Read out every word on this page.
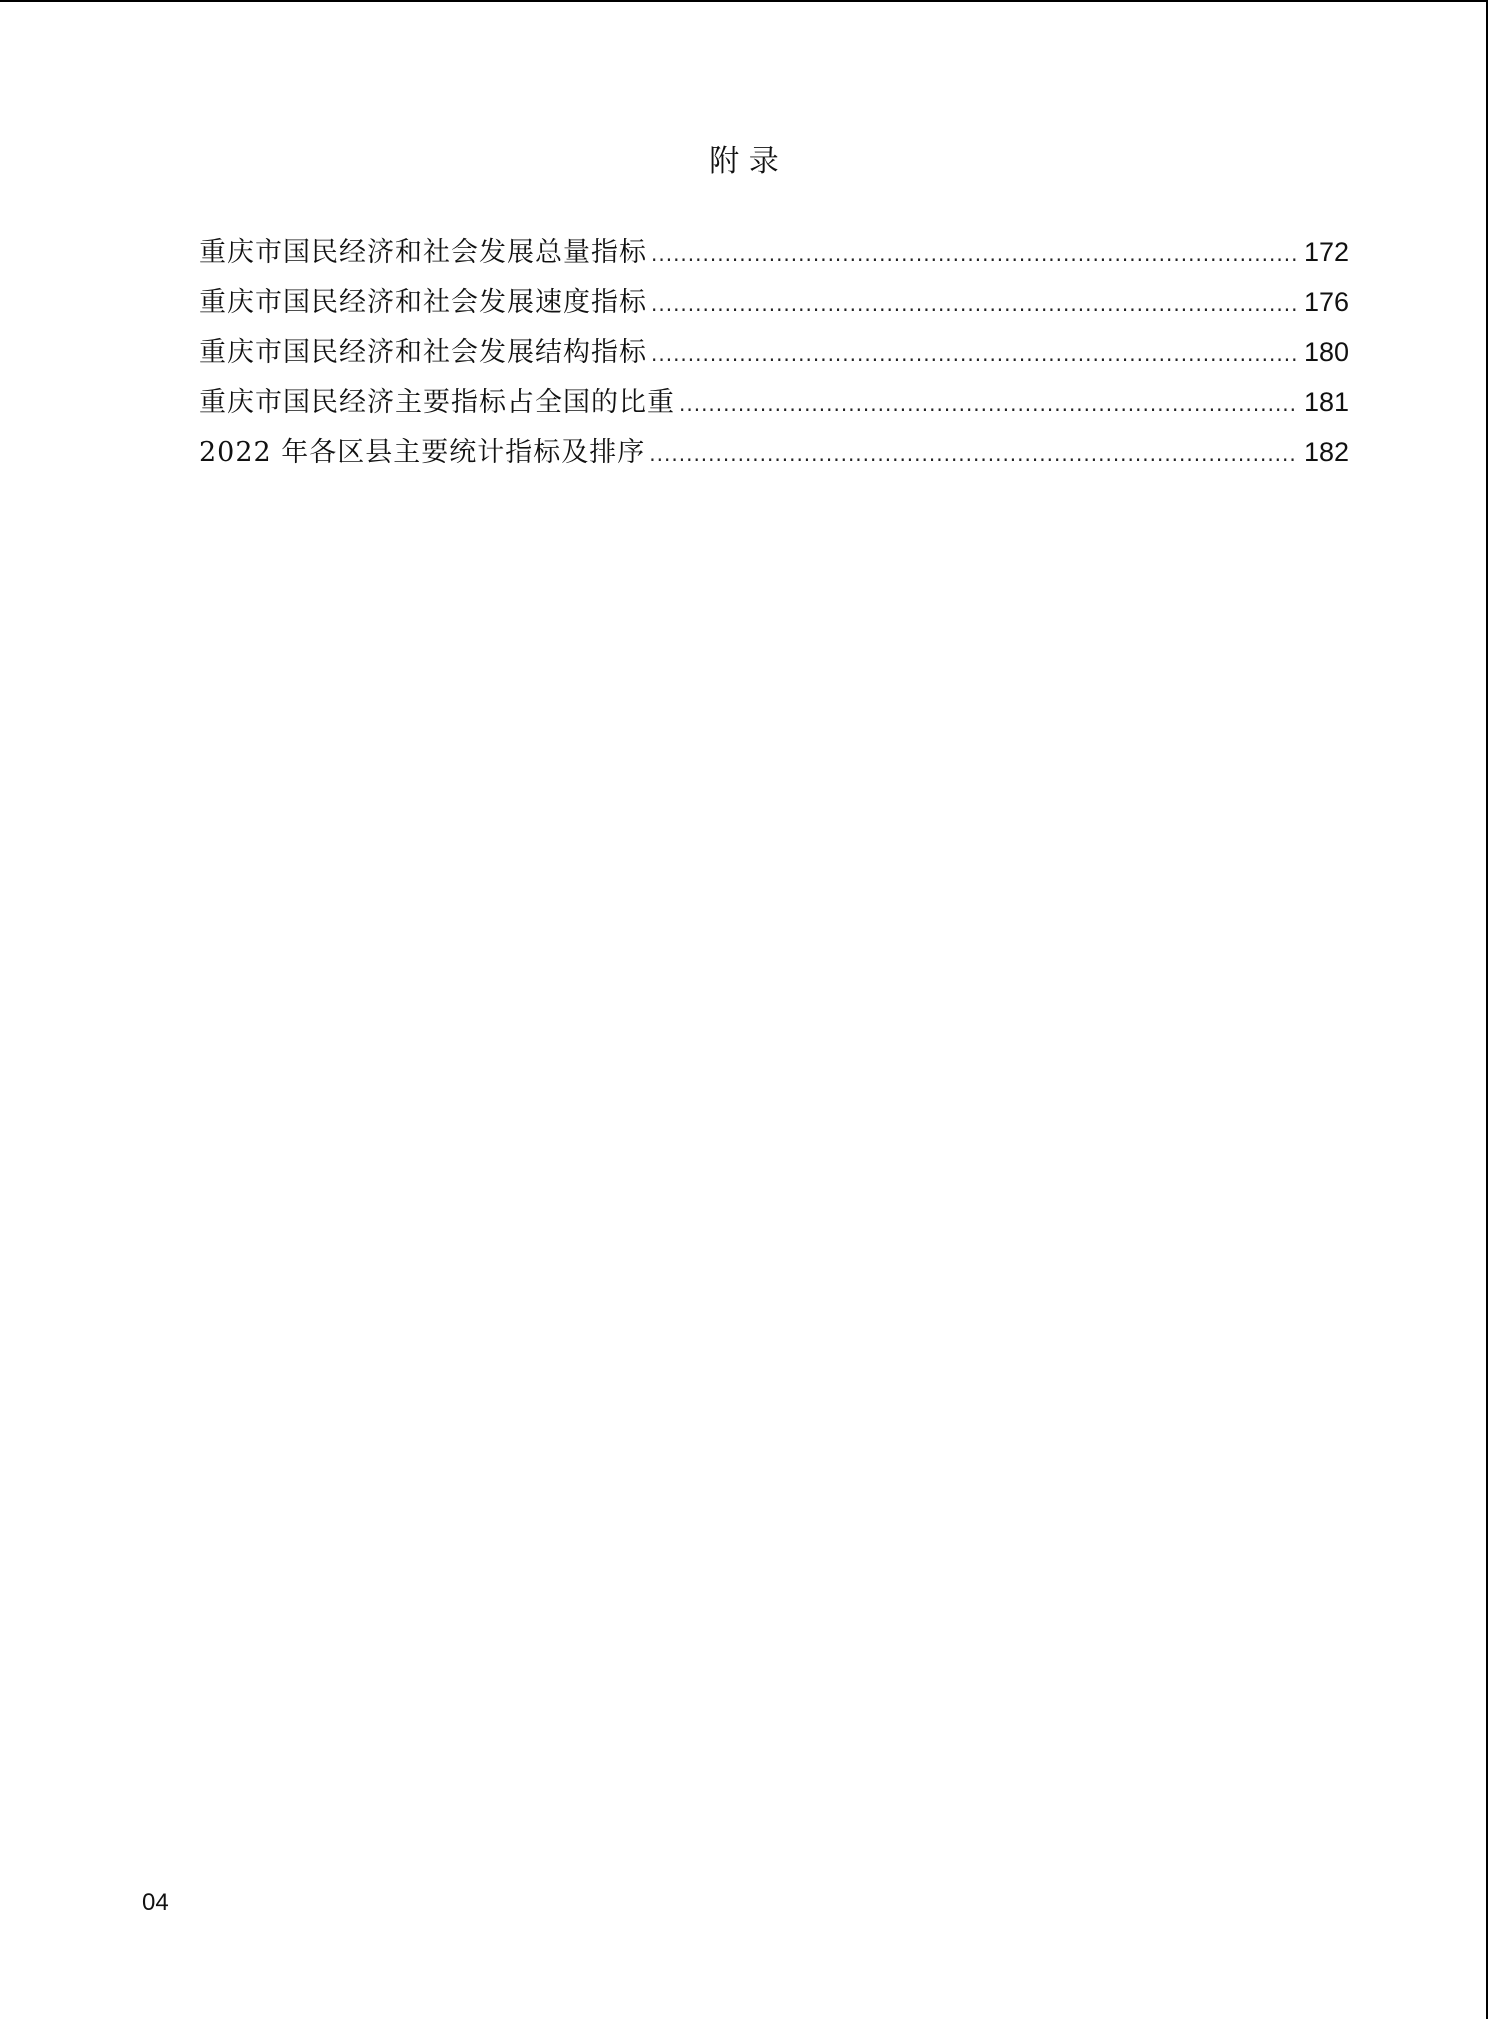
附 录
重庆市国民经济和社会发展总量指标 .....	172
重庆市国民经济和社会发展速度指标 .....	176
重庆市国民经济和社会发展结构指标 .....	180
重庆市国民经济主要指标占全国的比重 .....	181
2022 年各区县主要统计指标及排序 .....	182
04
